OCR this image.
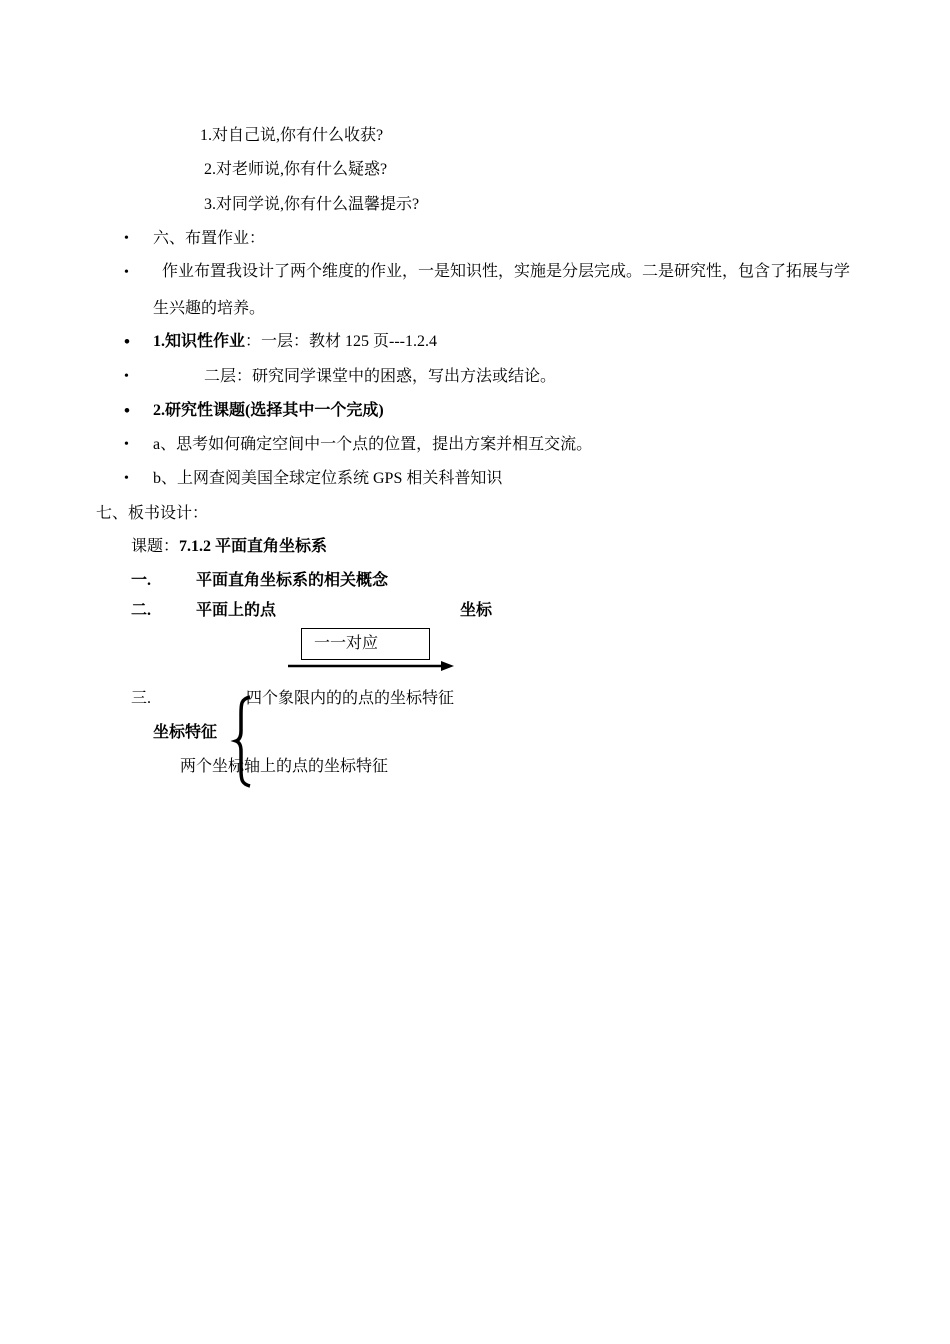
1.对自己说,你有什么收获?
2.对老师说,你有什么疑惑?
3.对同学说,你有什么温馨提示?
• 六、布置作业：
• 作业布置我设计了两个维度的作业，一是知识性，实施是分层完成。二是研究性，包含了拓展与学
生兴趣的培养。
• 1.知识性作业：一层：教材 125 页---1.2.4
•	二层：研究同学课堂中的困惑，写出方法或结论。
• 2.研究性课题(选择其中一个完成)
• a、思考如何确定空间中一个点的位置，提出方案并相互交流。
• b、上网查阅美国全球定位系统 GPS 相关科普知识
七、板书设计：
课题：7.1.2 平面直角坐标系
一.	平面直角坐标系的相关概念
二.	平面上的点	坐标
一一对应
三.	四个象限内的的点的坐标特征
坐标特征
两个坐标轴上的点的坐标特征
